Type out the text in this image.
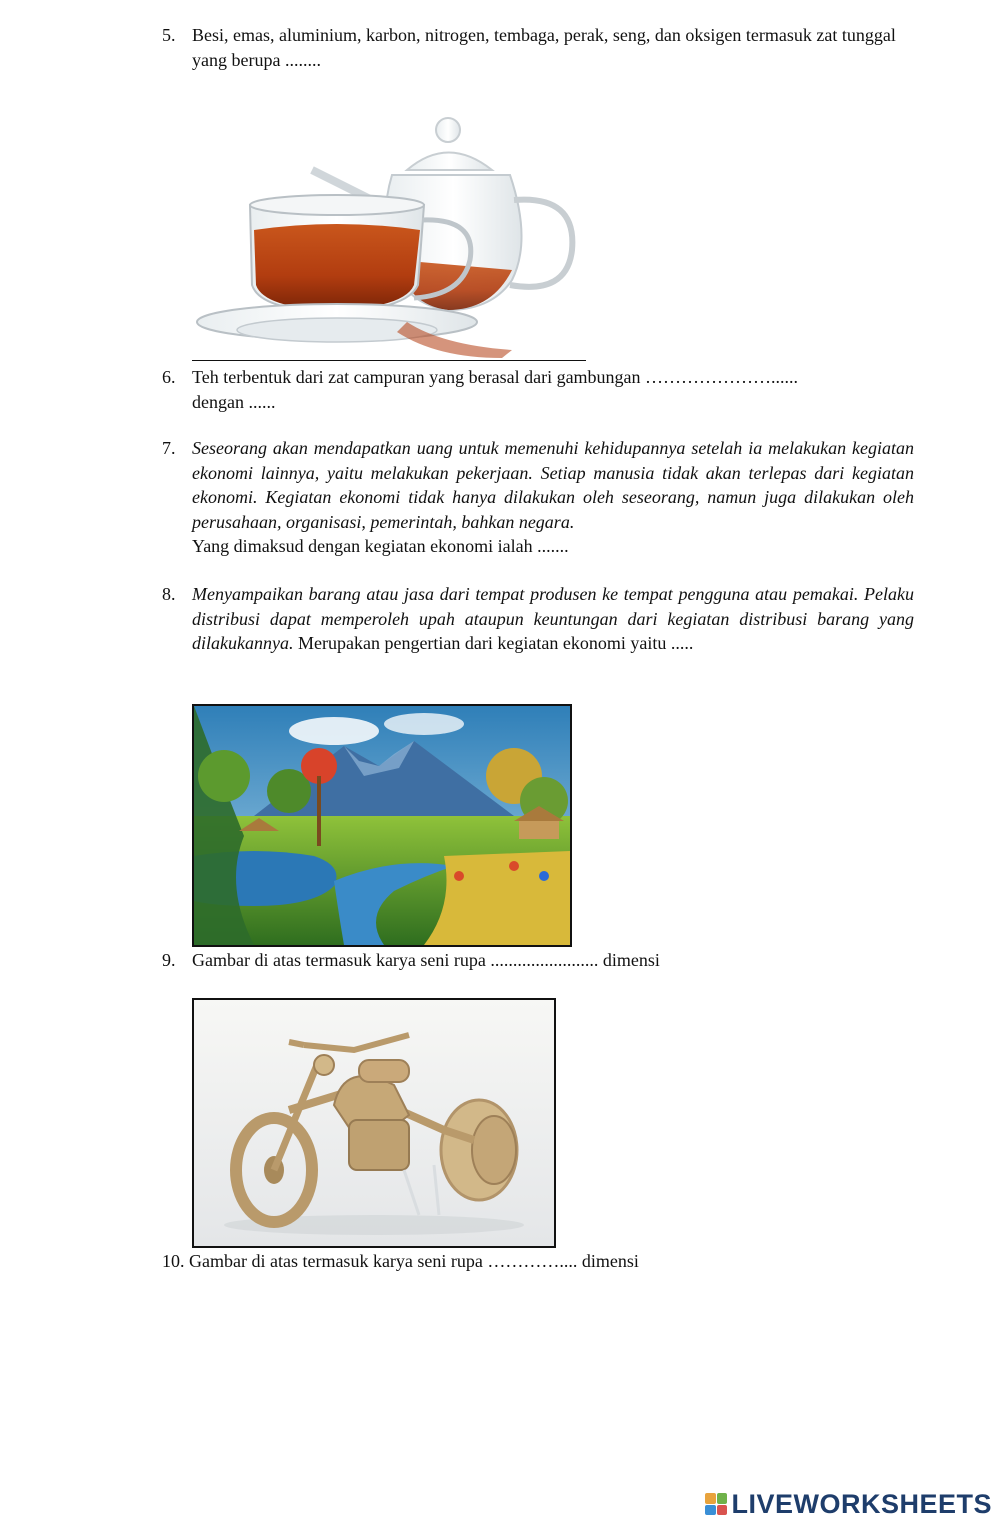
5. Besi, emas, aluminium, karbon, nitrogen, tembaga, perak, seng, dan oksigen termasuk zat tunggal yang berupa ........
6. Teh terbentuk dari zat campuran yang berasal dari gambungan …………………......
dengan ......
7. Seseorang akan mendapatkan uang untuk memenuhi kehidupannya setelah ia melakukan kegiatan ekonomi lainnya, yaitu melakukan pekerjaan. Setiap manusia tidak akan terlepas dari kegiatan ekonomi. Kegiatan ekonomi tidak hanya dilakukan oleh seseorang, namun juga dilakukan oleh perusahaan, organisasi, pemerintah, bahkan negara.
Yang dimaksud dengan kegiatan ekonomi ialah .......
8. Menyampaikan barang atau jasa dari tempat produsen ke tempat pengguna atau pemakai. Pelaku distribusi dapat memperoleh upah ataupun keuntungan dari kegiatan distribusi barang yang dilakukannya. Merupakan pengertian dari kegiatan ekonomi yaitu .....
9. Gambar di atas termasuk karya seni rupa ........................ dimensi
10. Gambar di atas termasuk karya seni rupa ………….... dimensi
LIVEWORKSHEETS
